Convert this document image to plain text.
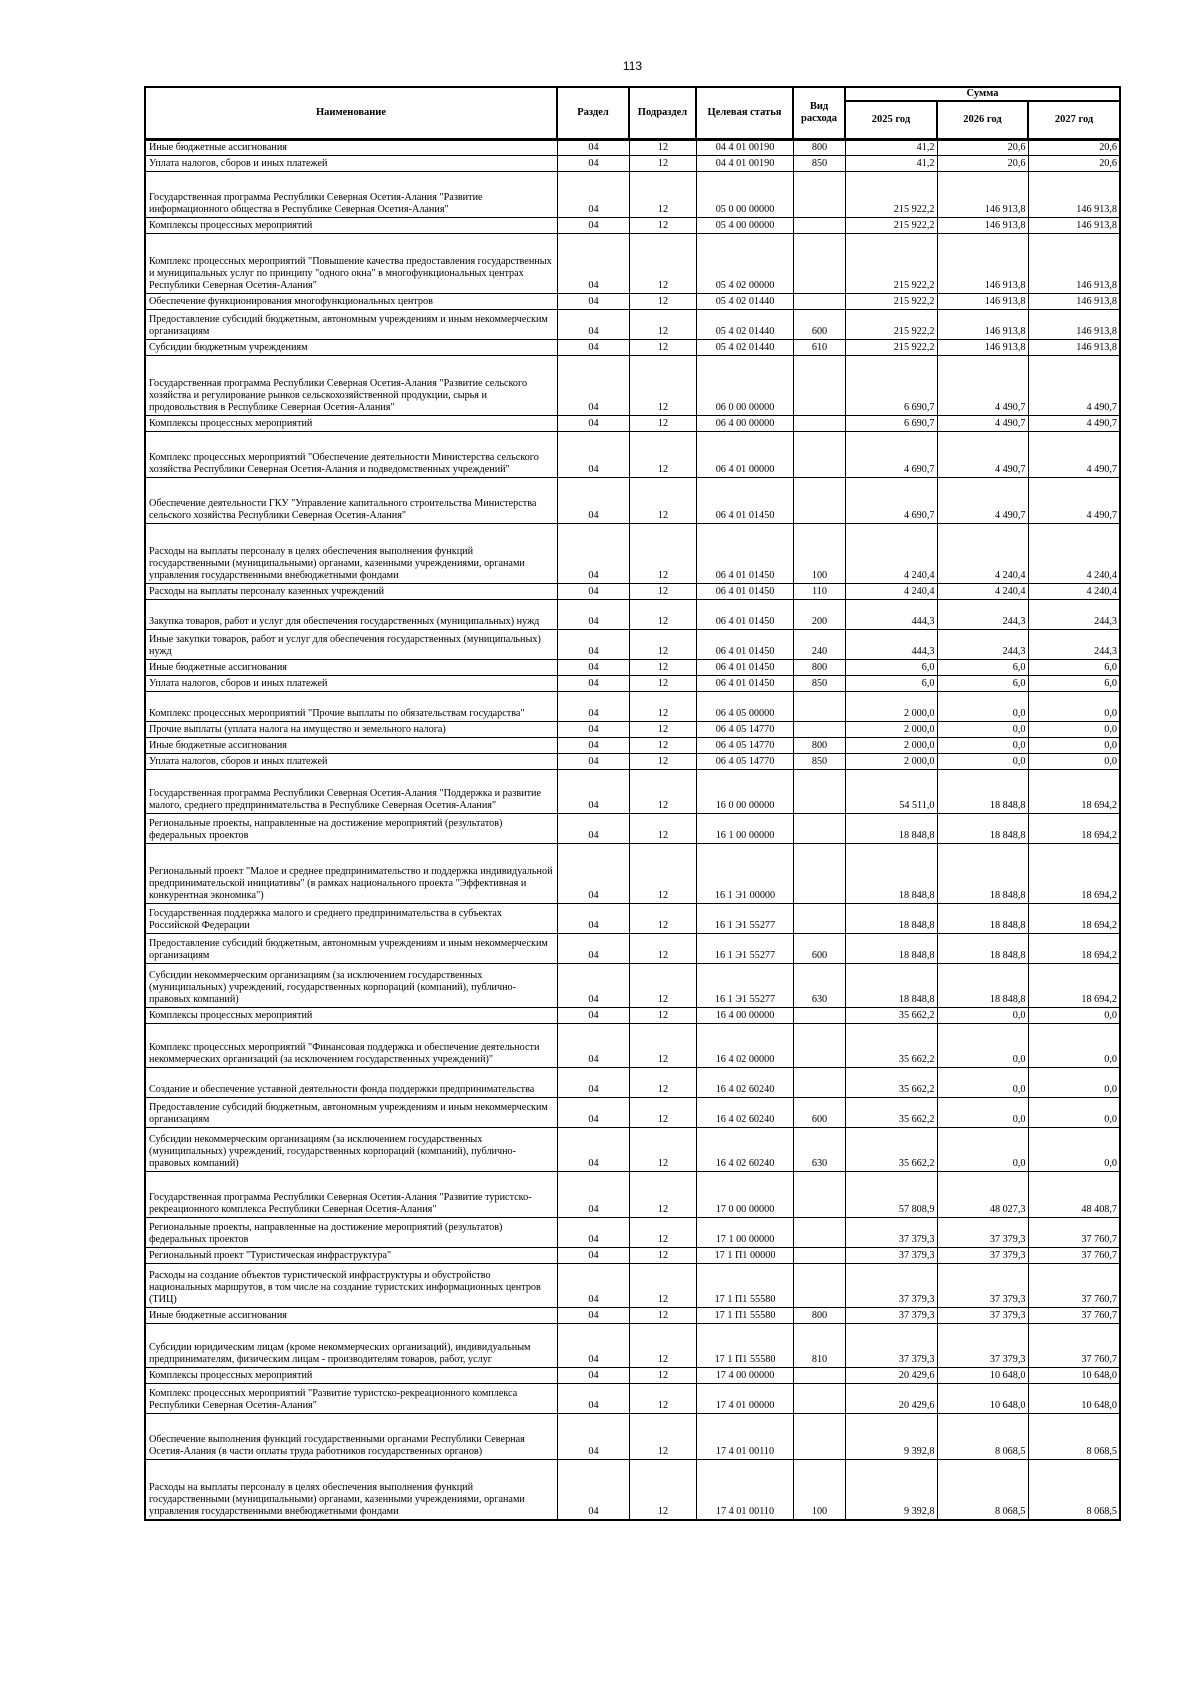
113
Наименование	Раздел	Подраздел	Целевая статья	Вид расхода	Сумма		
					2025 год	2026 год	2027 год
Иные бюджетные ассигнования	04	12	04 4 01 00190	800	41,2	20,6	20,6
Уплата налогов, сборов и иных платежей	04	12	04 4 01 00190	850	41,2	20,6	20,6
Государственная программа Республики Северная Осетия-Алания "Развитие информационного общества в Республике Северная Осетия-Алания"	04	12	05 0 00 00000		215 922,2	146 913,8	146 913,8
Комплексы процессных мероприятий	04	12	05 4 00 00000		215 922,2	146 913,8	146 913,8
Комплекс процессных мероприятий "Повышение качества предоставления государственных и муниципальных услуг по принципу "одного окна" в многофункциональных центрах Республики Северная Осетия-Алания"	04	12	05 4 02 00000		215 922,2	146 913,8	146 913,8
Обеспечение функционирования многофункциональных центров	04	12	05 4 02 01440		215 922,2	146 913,8	146 913,8
Предоставление субсидий бюджетным, автономным учреждениям и иным некоммерческим организациям	04	12	05 4 02 01440	600	215 922,2	146 913,8	146 913,8
Субсидии бюджетным учреждениям	04	12	05 4 02 01440	610	215 922,2	146 913,8	146 913,8
Государственная программа Республики Северная Осетия-Алания "Развитие сельского хозяйства и регулирование рынков сельскохозяйственной продукции, сырья и продовольствия в Республике Северная Осетия-Алания"	04	12	06 0 00 00000		6 690,7	4 490,7	4 490,7
Комплексы процессных мероприятий	04	12	06 4 00 00000		6 690,7	4 490,7	4 490,7
Комплекс процессных мероприятий "Обеспечение деятельности Министерства сельского хозяйства Республики Северная Осетия-Алания и подведомственных учреждений"	04	12	06 4 01 00000		4 690,7	4 490,7	4 490,7
Обеспечение деятельности ГКУ "Управление капитального строительства Министерства сельского хозяйства Республики Северная Осетия-Алания"	04	12	06 4 01 01450		4 690,7	4 490,7	4 490,7
Расходы на выплаты персоналу в целях обеспечения выполнения функций государственными (муниципальными) органами, казенными учреждениями, органами управления государственными внебюджетными фондами	04	12	06 4 01 01450	100	4 240,4	4 240,4	4 240,4
Расходы на выплаты персоналу казенных учреждений	04	12	06 4 01 01450	110	4 240,4	4 240,4	4 240,4
Закупка товаров, работ и услуг для обеспечения государственных (муниципальных) нужд	04	12	06 4 01 01450	200	444,3	244,3	244,3
Иные закупки товаров, работ и услуг для обеспечения государственных (муниципальных) нужд	04	12	06 4 01 01450	240	444,3	244,3	244,3
Иные бюджетные ассигнования	04	12	06 4 01 01450	800	6,0	6,0	6,0
Уплата налогов, сборов и иных платежей	04	12	06 4 01 01450	850	6,0	6,0	6,0
Комплекс процессных мероприятий "Прочие выплаты по обязательствам государства"	04	12	06 4 05 00000		2 000,0	0,0	0,0
Прочие выплаты (уплата налога на имущество и земельного налога)	04	12	06 4 05 14770		2 000,0	0,0	0,0
Иные бюджетные ассигнования	04	12	06 4 05 14770	800	2 000,0	0,0	0,0
Уплата налогов, сборов и иных платежей	04	12	06 4 05 14770	850	2 000,0	0,0	0,0
Государственная программа Республики Северная Осетия-Алания "Поддержка и развитие малого, среднего предпринимательства в Республике Северная Осетия-Алания"	04	12	16 0 00 00000		54 511,0	18 848,8	18 694,2
Региональные проекты, направленные на достижение мероприятий (результатов) федеральных проектов	04	12	16 1 00 00000		18 848,8	18 848,8	18 694,2
Региональный проект "Малое и среднее предпринимательство и поддержка индивидуальной предпринимательской инициативы" (в рамках национального проекта "Эффективная и конкурентная экономика")	04	12	16 1 Э1 00000		18 848,8	18 848,8	18 694,2
Государственная поддержка малого и среднего предпринимательства в субъектах Российской Федерации	04	12	16 1 Э1 55277		18 848,8	18 848,8	18 694,2
Предоставление субсидий бюджетным, автономным учреждениям и иным некоммерческим организациям	04	12	16 1 Э1 55277	600	18 848,8	18 848,8	18 694,2
Субсидии некоммерческим организациям (за исключением государственных (муниципальных) учреждений, государственных корпораций (компаний), публично-правовых компаний)	04	12	16 1 Э1 55277	630	18 848,8	18 848,8	18 694,2
Комплексы процессных мероприятий	04	12	16 4 00 00000		35 662,2	0,0	0,0
Комплекс процессных мероприятий "Финансовая поддержка и обеспечение деятельности некоммерческих организаций (за исключением государственных учреждений)"	04	12	16 4 02 00000		35 662,2	0,0	0,0
Создание и обеспечение уставной деятельности фонда поддержки предпринимательства	04	12	16 4 02 60240		35 662,2	0,0	0,0
Предоставление субсидий бюджетным, автономным учреждениям и иным некоммерческим организациям	04	12	16 4 02 60240	600	35 662,2	0,0	0,0
Субсидии некоммерческим организациям (за исключением государственных (муниципальных) учреждений, государственных корпораций (компаний), публично-правовых компаний)	04	12	16 4 02 60240	630	35 662,2	0,0	0,0
Государственная программа Республики Северная Осетия-Алания "Развитие туристско-рекреационного комплекса Республики Северная Осетия-Алания"	04	12	17 0 00 00000		57 808,9	48 027,3	48 408,7
Региональные проекты, направленные на достижение мероприятий (результатов) федеральных проектов	04	12	17 1 00 00000		37 379,3	37 379,3	37 760,7
Региональный проект "Туристическая инфраструктура"	04	12	17 1 П1 00000		37 379,3	37 379,3	37 760,7
Расходы на создание объектов туристической инфраструктуры и обустройство национальных маршрутов, в том числе на создание туристских информационных центров (ТИЦ)	04	12	17 1 П1 55580		37 379,3	37 379,3	37 760,7
Иные бюджетные ассигнования	04	12	17 1 П1 55580	800	37 379,3	37 379,3	37 760,7
Субсидии юридическим лицам (кроме некоммерческих организаций), индивидуальным предпринимателям, физическим лицам - производителям товаров, работ, услуг	04	12	17 1 П1 55580	810	37 379,3	37 379,3	37 760,7
Комплексы процессных мероприятий	04	12	17 4 00 00000		20 429,6	10 648,0	10 648,0
Комплекс процессных мероприятий "Развитие туристско-рекреационного комплекса Республики Северная Осетия-Алания"	04	12	17 4 01 00000		20 429,6	10 648,0	10 648,0
Обеспечение выполнения функций государственными органами Республики Северная Осетия-Алания (в части оплаты труда работников государственных органов)	04	12	17 4 01 00110		9 392,8	8 068,5	8 068,5
Расходы на выплаты персоналу в целях обеспечения выполнения функций государственными (муниципальными) органами, казенными учреждениями, органами управления государственными внебюджетными фондами	04	12	17 4 01 00110	100	9 392,8	8 068,5	8 068,5
